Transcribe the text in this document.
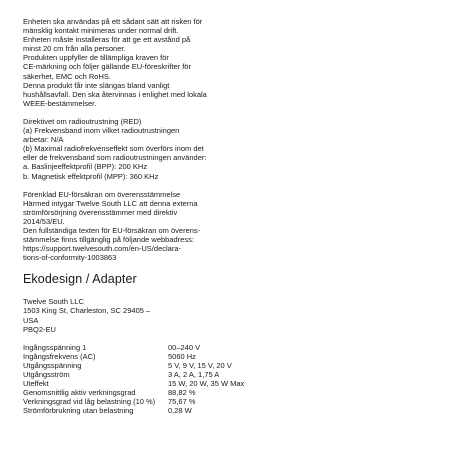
Enheten ska användas på ett sådant sätt att risken för
mänsklig kontakt minimeras under normal drift.
Enheten måste installeras för att ge ett avstånd på
minst 20 cm från alla personer.
Produkten uppfyller de tillämpliga kraven för
CE-märkning och följer gällande EU-föreskrifter för
säkerhet, EMC och RoHS.
Denna produkt får inte slängas bland vanligt
hushållsavfall. Den ska återvinnas i enlighet med lokala
WEEE-bestämmelser.

Direktivet om radioutrustning (RED)
(a) Frekvensband inom vilket radioutrustningen
arbetar: N/A
(b) Maximal radiofrekvenseffekt som överförs inom det
eller de frekvensband som radioutrustningen använder:
a. Baslinjeeffektprofil (BPP): 200 KHz
b. Magnetisk effektprofil (MPP): 360 KHz

Förenklad EU-försäkran om överensstämmelse
Härmed intygar Twelve South LLC att denna externa
strömförsörjning överensstämmer med direktiv
2014/53/EU.
Den fullständiga texten för EU-försäkran om överens-
stämmelse finns tillgänglig på följande webbadress:
https://support.twelvesouth.com/en-US/declara-
tions-of-conformity-1003863

Ekodesign / Adapter
Twelve South LLC
1503 King St, Charleston, SC 29405 –
USA
PBQ2-EU
Ingångsspänning 1	00–240 V
Ingångsfrekvens (AC)	5060 Hz
Utgångsspänning	5 V, 9 V, 15 V, 20 V
Utgångsström	3 A, 2 A, 1,75 A
Uteffekt	15 W, 20 W, 35 W Max
Genomsnittlig aktiv verkningsgrad	88,82 %
Verkningsgrad vid låg belastning (10 %)	75,67 %
Strömförbrukning utan belastning	0,28 W
